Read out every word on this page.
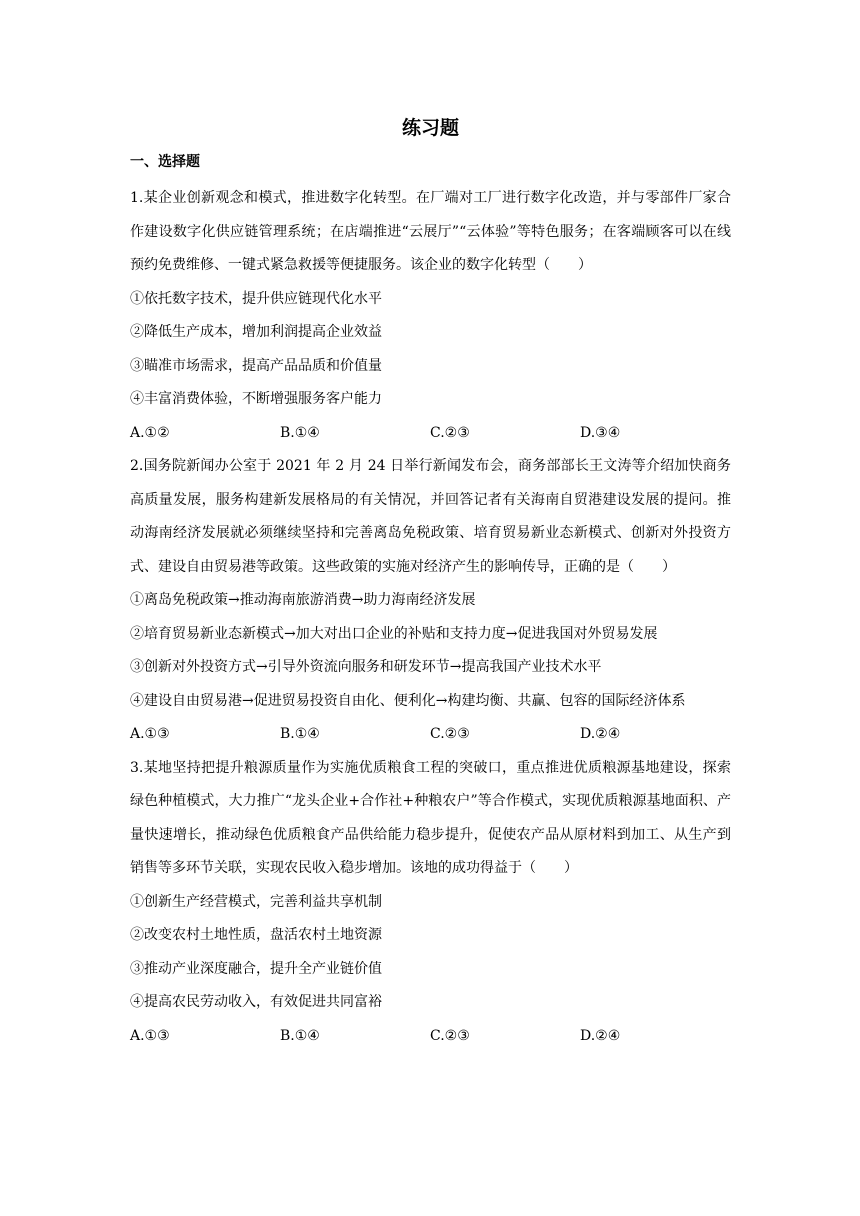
练习题
一、选择题

1.某企业创新观念和模式，推进数字化转型。在厂端对工厂进行数字化改造，并与零部件厂家合作建设数字化供应链管理系统；在店端推进“云展厅”“云体验”等特色服务；在客端顾客可以在线预约免费维修、一键式紧急救援等便捷服务。该企业的数字化转型（　　）

①依托数字技术，提升供应链现代化水平

②降低生产成本，增加利润提高企业效益

③瞄准市场需求，提高产品品质和价值量

④丰富消费体验，不断增强服务客户能力

A.①②	B.①④	C.②③	D.③④

2.国务院新闻办公室于 2021 年 2 月 24 日举行新闻发布会，商务部部长王文涛等介绍加快商务高质量发展，服务构建新发展格局的有关情况，并回答记者有关海南自贸港建设发展的提问。推动海南经济发展就必须继续坚持和完善离岛免税政策、培育贸易新业态新模式、创新对外投资方式、建设自由贸易港等政策。这些政策的实施对经济产生的影响传导，正确的是（　　）

①离岛免税政策→推动海南旅游消费→助力海南经济发展

②培育贸易新业态新模式→加大对出口企业的补贴和支持力度→促进我国对外贸易发展

③创新对外投资方式→引导外资流向服务和研发环节→提高我国产业技术水平

④建设自由贸易港→促进贸易投资自由化、便利化→构建均衡、共赢、包容的国际经济体系

A.①③	B.①④	C.②③	D.②④

3.某地坚持把提升粮源质量作为实施优质粮食工程的突破口，重点推进优质粮源基地建设，探索绿色种植模式，大力推广“龙头企业+合作社+种粮农户”等合作模式，实现优质粮源基地面积、产量快速增长，推动绿色优质粮食产品供给能力稳步提升，促使农产品从原材料到加工、从生产到销售等多环节关联，实现农民收入稳步增加。该地的成功得益于（　　）

①创新生产经营模式，完善利益共享机制

②改变农村土地性质，盘活农村土地资源

③推动产业深度融合，提升全产业链价值

④提高农民劳动收入，有效促进共同富裕

A.①③	B.①④	C.②③	D.②④
